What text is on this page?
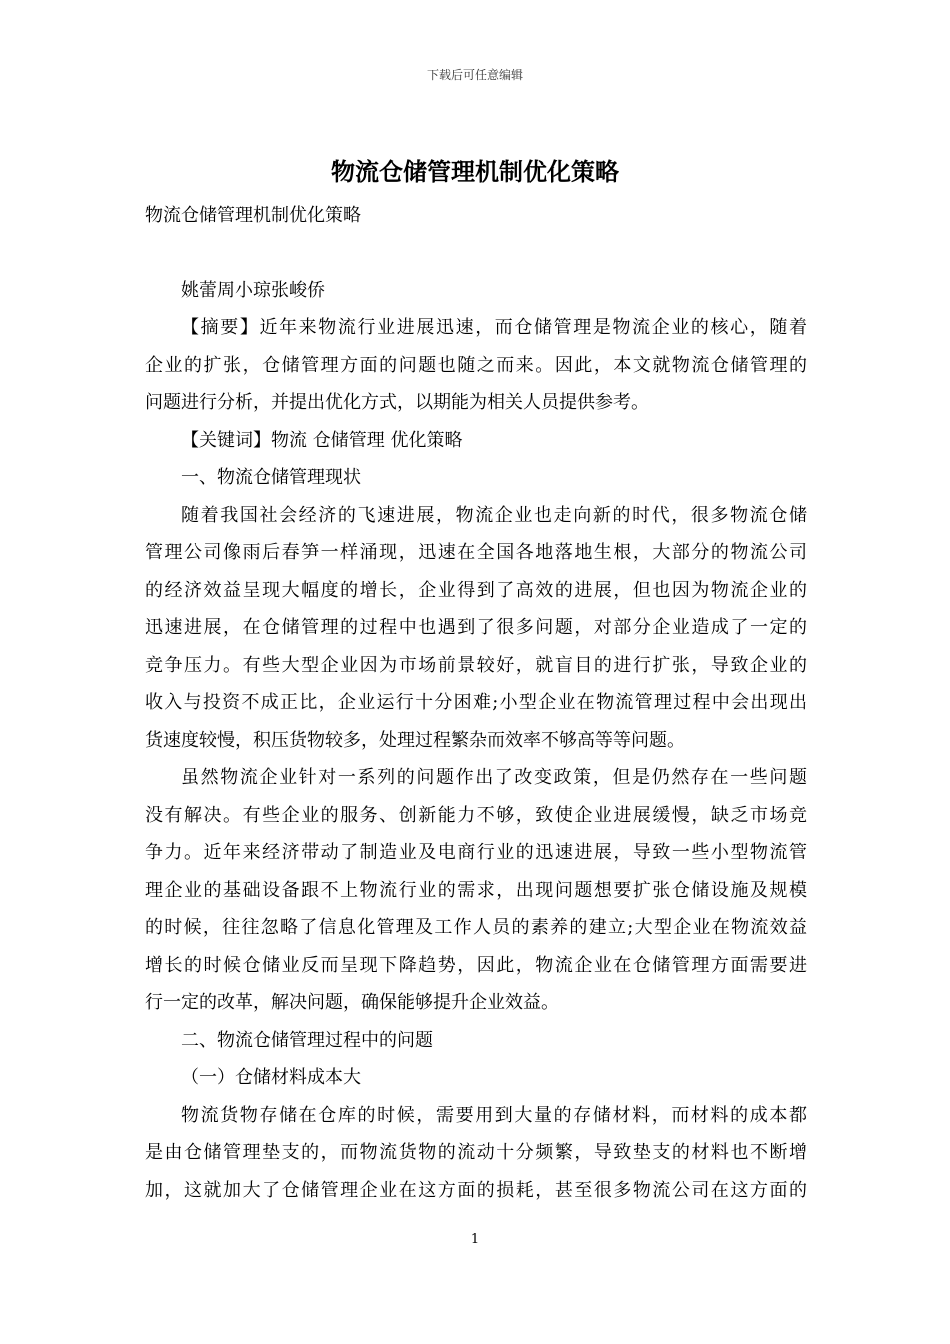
下载后可任意编辑
物流仓储管理机制优化策略
物流仓储管理机制优化策略
姚蕾周小琼张峻侨
【摘要】近年来物流行业进展迅速，而仓储管理是物流企业的核心，随着
企业的扩张，仓储管理方面的问题也随之而来。因此，本文就物流仓储管理的
问题进行分析，并提出优化方式，以期能为相关人员提供参考。
【关键词】物流 仓储管理 优化策略
一、物流仓储管理现状
随着我国社会经济的飞速进展，物流企业也走向新的时代，很多物流仓储
管理公司像雨后春笋一样涌现，迅速在全国各地落地生根，大部分的物流公司
的经济效益呈现大幅度的增长，企业得到了高效的进展，但也因为物流企业的
迅速进展，在仓储管理的过程中也遇到了很多问题，对部分企业造成了一定的
竞争压力。有些大型企业因为市场前景较好，就盲目的进行扩张，导致企业的
收入与投资不成正比，企业运行十分困难;小型企业在物流管理过程中会出现出
货速度较慢，积压货物较多，处理过程繁杂而效率不够高等等问题。
虽然物流企业针对一系列的问题作出了改变政策，但是仍然存在一些问题
没有解决。有些企业的服务、创新能力不够，致使企业进展缓慢，缺乏市场竞
争力。近年来经济带动了制造业及电商行业的迅速进展，导致一些小型物流管
理企业的基础设备跟不上物流行业的需求，出现问题想要扩张仓储设施及规模
的时候，往往忽略了信息化管理及工作人员的素养的建立;大型企业在物流效益
增长的时候仓储业反而呈现下降趋势，因此，物流企业在仓储管理方面需要进
行一定的改革，解决问题，确保能够提升企业效益。
二、物流仓储管理过程中的问题
（一）仓储材料成本大
物流货物存储在仓库的时候，需要用到大量的存储材料，而材料的成本都
是由仓储管理垫支的，而物流货物的流动十分频繁，导致垫支的材料也不断增
加，这就加大了仓储管理企业在这方面的损耗，甚至很多物流公司在这方面的
1
